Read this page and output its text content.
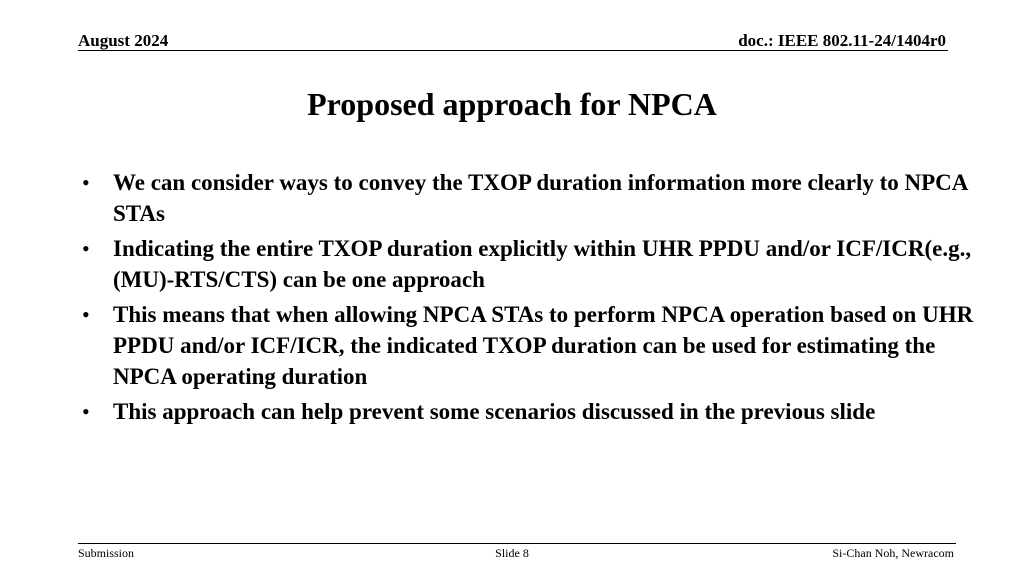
August 2024	doc.: IEEE 802.11-24/1404r0
Proposed approach for NPCA
• We can consider ways to convey the TXOP duration information more clearly to NPCA STAs
• Indicating the entire TXOP duration explicitly within UHR PPDU and/or ICF/ICR(e.g., (MU)-RTS/CTS) can be one approach
• This means that when allowing NPCA STAs to perform NPCA operation based on UHR PPDU and/or ICF/ICR, the indicated TXOP duration can be used for estimating the NPCA operating duration
• This approach can help prevent some scenarios discussed in the previous slide
Submission	Slide 8	Si-Chan Noh, Newracom
